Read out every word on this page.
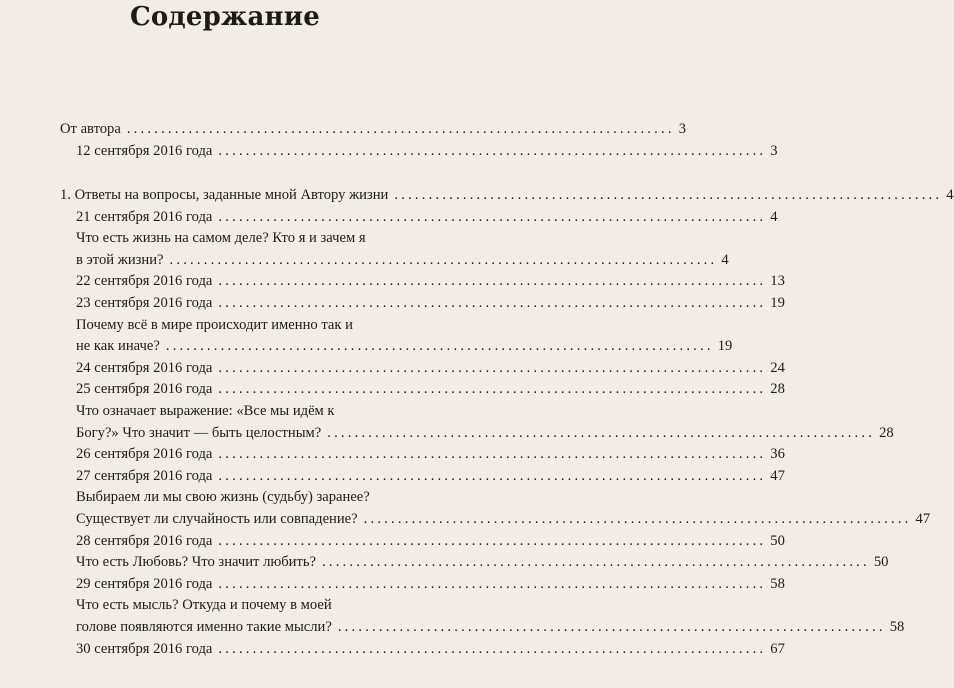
Содержание
От автора ................................................................................ 3
12 сентября 2016 года ................................................................................ 3
1. Ответы на вопросы, заданные мной Автору жизни ................................................................................ 4
21 сентября 2016 года ................................................................................ 4
Что есть жизнь на самом деле? Кто я и зачем я
в этой жизни? ................................................................................ 4
22 сентября 2016 года ................................................................................ 13
23 сентября 2016 года ................................................................................ 19
Почему всё в мире происходит именно так и
не как иначе? ................................................................................ 19
24 сентября 2016 года ................................................................................ 24
25 сентября 2016 года ................................................................................ 28
Что означает выражение: «Все мы идём к
Богу?» Что значит — быть целостным? ................................................................................ 28
26 сентября 2016 года ................................................................................ 36
27 сентября 2016 года ................................................................................ 47
Выбираем ли мы свою жизнь (судьбу) заранее?
Существует ли случайность или совпадение? ................................................................................ 47
28 сентября 2016 года ................................................................................ 50
Что есть Любовь? Что значит любить? ................................................................................ 50
29 сентября 2016 года ................................................................................ 58
Что есть мысль? Откуда и почему в моей
голове появляются именно такие мысли? ................................................................................ 58
30 сентября 2016 года ................................................................................ 67
